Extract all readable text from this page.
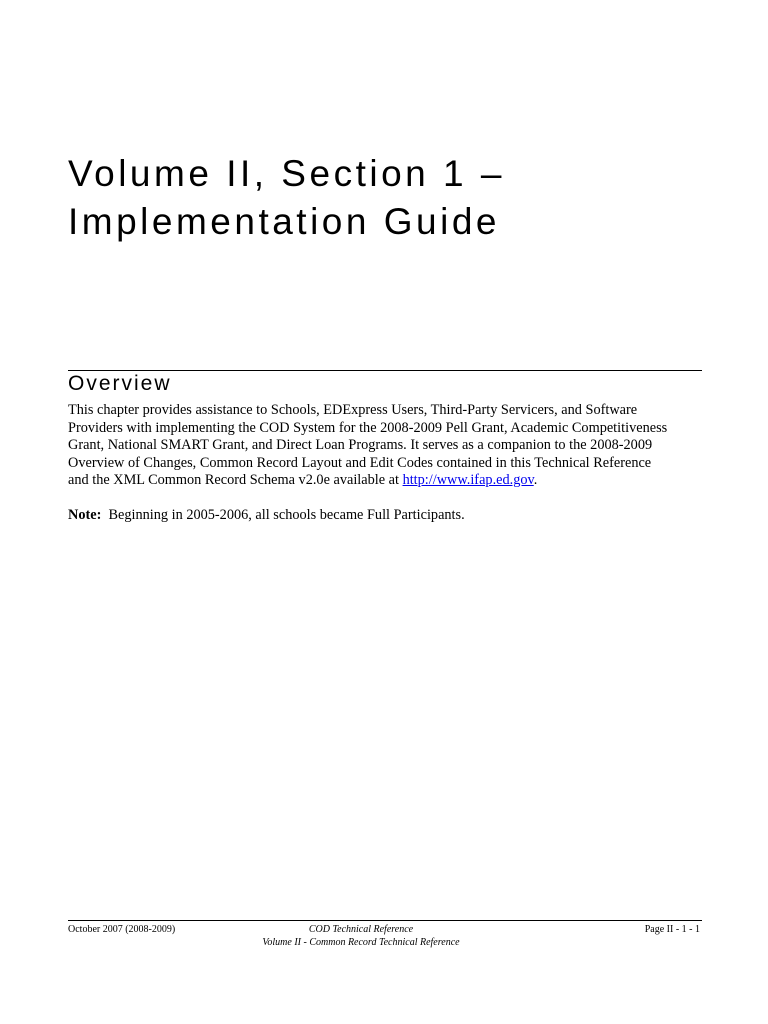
Volume II, Section 1 –
Implementation Guide
Overview

This chapter provides assistance to Schools, EDExpress Users, Third-Party Servicers, and Software
Providers with implementing the COD System for the 2008-2009 Pell Grant, Academic Competitiveness
Grant, National SMART Grant, and Direct Loan Programs. It serves as a companion to the 2008-2009
Overview of Changes, Common Record Layout and Edit Codes contained in this Technical Reference
and the XML Common Record Schema v2.0e available at http://www.ifap.ed.gov.

Note:  Beginning in 2005-2006, all schools became Full Participants.

October 2007 (2008-2009)	COD Technical Reference
Volume II - Common Record Technical Reference
Page II - 1 - 1
